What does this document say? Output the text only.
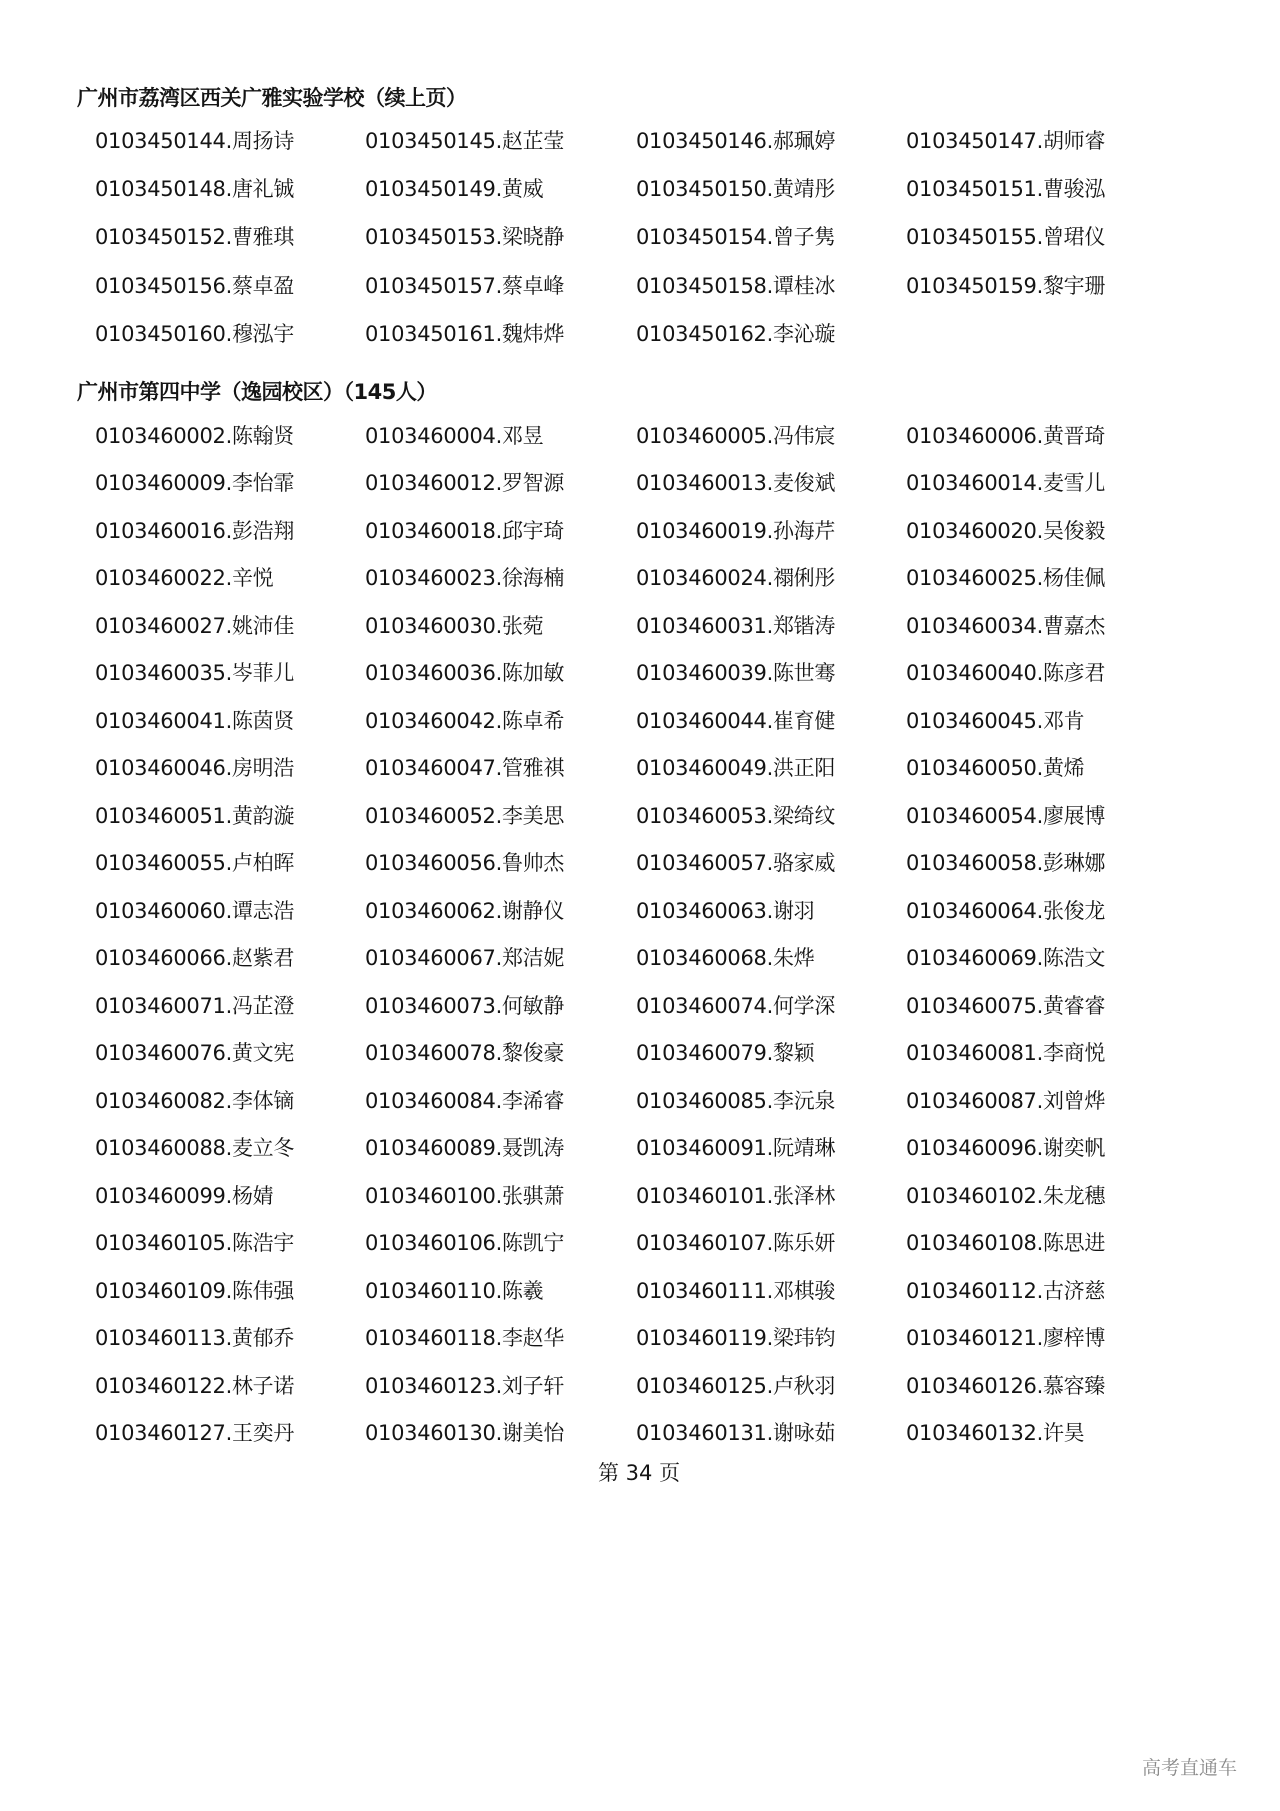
广州市荔湾区西关广雅实验学校（续上页）
0103450144.周扬诗	0103450145.赵芷莹	0103450146.郝珮婷	0103450147.胡师睿
0103450148.唐礼铖	0103450149.黄威	0103450150.黄靖彤	0103450151.曹骏泓
0103450152.曹雅琪	0103450153.梁晓静	0103450154.曾子隽	0103450155.曾珺仪
0103450156.蔡卓盈	0103450157.蔡卓峰	0103450158.谭桂冰	0103450159.黎宇珊
0103450160.穆泓宇	0103450161.魏炜烨	0103450162.李沁璇
广州市第四中学（逸园校区）（145人）
0103460002.陈翰贤	0103460004.邓昱	0103460005.冯伟宸	0103460006.黄晋琦
0103460009.李怡霏	0103460012.罗智源	0103460013.麦俊斌	0103460014.麦雪儿
0103460016.彭浩翔	0103460018.邱宇琦	0103460019.孙海芹	0103460020.吴俊毅
0103460022.辛悦	0103460023.徐海楠	0103460024.禤俐彤	0103460025.杨佳佩
0103460027.姚沛佳	0103460030.张菀	0103460031.郑锴涛	0103460034.曹嘉杰
0103460035.岑菲儿	0103460036.陈加敏	0103460039.陈世骞	0103460040.陈彦君
0103460041.陈茵贤	0103460042.陈卓希	0103460044.崔育健	0103460045.邓肯
0103460046.房明浩	0103460047.管雅祺	0103460049.洪正阳	0103460050.黄烯
0103460051.黄韵漩	0103460052.李美思	0103460053.梁绮纹	0103460054.廖展博
0103460055.卢柏晖	0103460056.鲁帅杰	0103460057.骆家威	0103460058.彭琳娜
0103460060.谭志浩	0103460062.谢静仪	0103460063.谢羽	0103460064.张俊龙
0103460066.赵紫君	0103460067.郑洁妮	0103460068.朱烨	0103460069.陈浩文
0103460071.冯芷澄	0103460073.何敏静	0103460074.何学深	0103460075.黄睿睿
0103460076.黄文宪	0103460078.黎俊豪	0103460079.黎颖	0103460081.李商悦
0103460082.李体镝	0103460084.李浠睿	0103460085.李沅泉	0103460087.刘曾烨
0103460088.麦立冬	0103460089.聂凯涛	0103460091.阮靖琳	0103460096.谢奕帆
0103460099.杨婧	0103460100.张骐萧	0103460101.张泽林	0103460102.朱龙穗
0103460105.陈浩宇	0103460106.陈凯宁	0103460107.陈乐妍	0103460108.陈思进
0103460109.陈伟强	0103460110.陈羲	0103460111.邓棋骏	0103460112.古济慈
0103460113.黄郁乔	0103460118.李赵华	0103460119.梁玮钧	0103460121.廖梓博
0103460122.林子诺	0103460123.刘子轩	0103460125.卢秋羽	0103460126.慕容臻
0103460127.王奕丹	0103460130.谢美怡	0103460131.谢咏茹	0103460132.许昊
第 34 页
高考直通车
